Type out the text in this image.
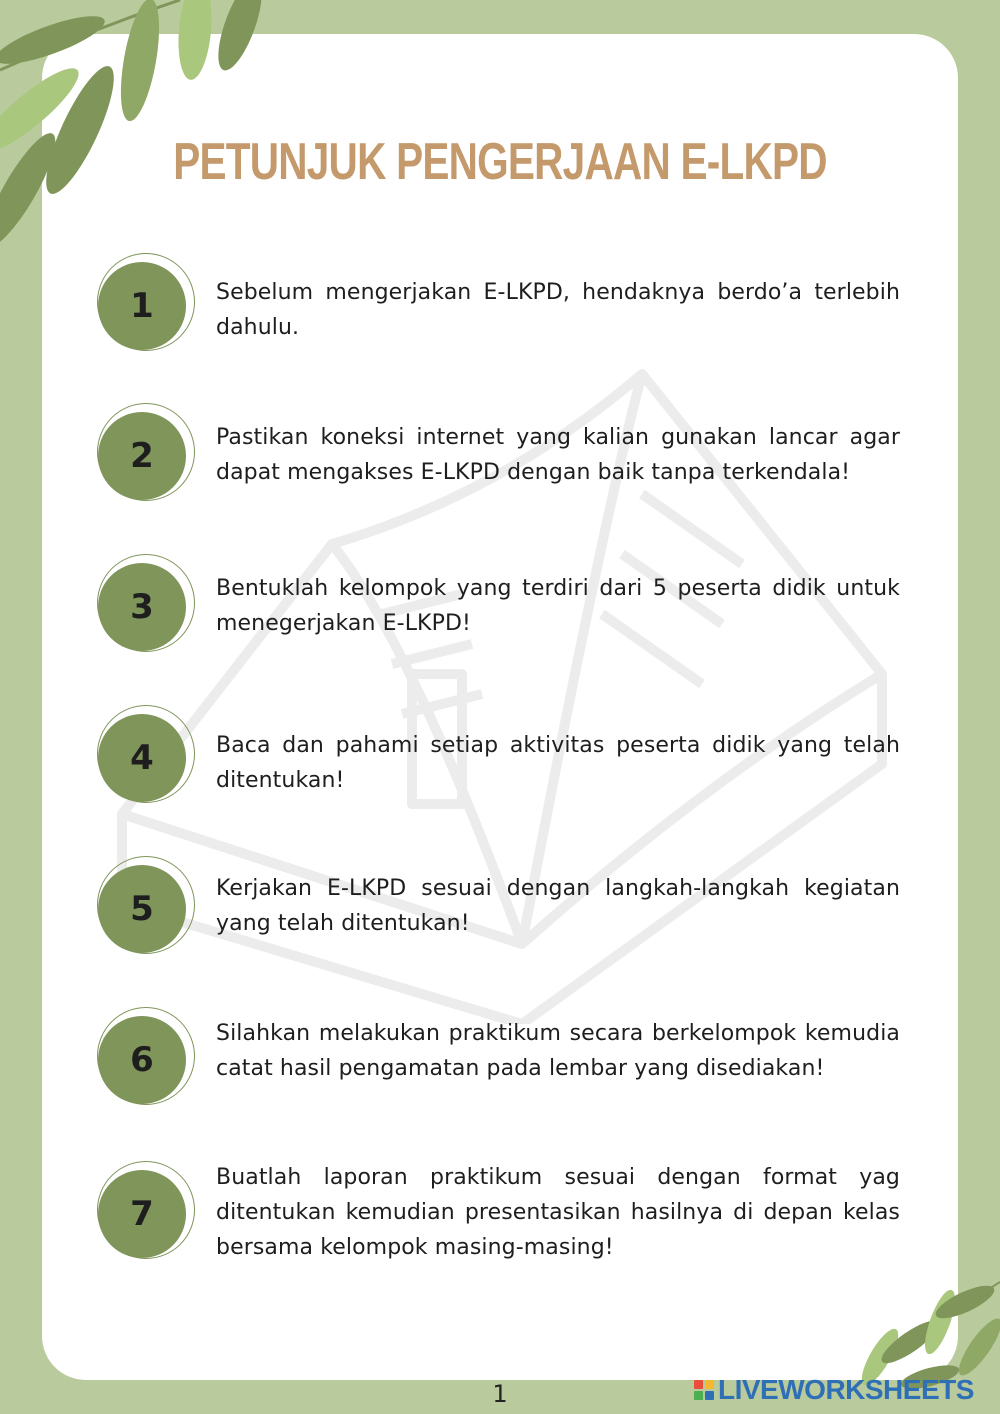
PETUNJUK PENGERJAAN E-LKPD
1	Sebelum mengerjakan E-LKPD, hendaknya berdo’a terlebih dahulu.
2	Pastikan koneksi internet yang kalian gunakan lancar agar dapat mengakses E-LKPD dengan baik tanpa terkendala!
3	Bentuklah kelompok yang terdiri dari 5 peserta didik untuk menegerjakan E-LKPD!
4	Baca dan pahami setiap aktivitas peserta didik yang telah ditentukan!
5
Kerjakan E-LKPD sesuai dengan langkah-langkah kegiatan yang telah ditentukan!
6
Silahkan melakukan praktikum secara berkelompok kemudia catat hasil pengamatan pada lembar yang disediakan!
7
Buatlah laporan praktikum sesuai dengan format yag ditentukan kemudian presentasikan hasilnya di depan kelas bersama kelompok masing-masing!
1	LIVEWORKSHEETS
